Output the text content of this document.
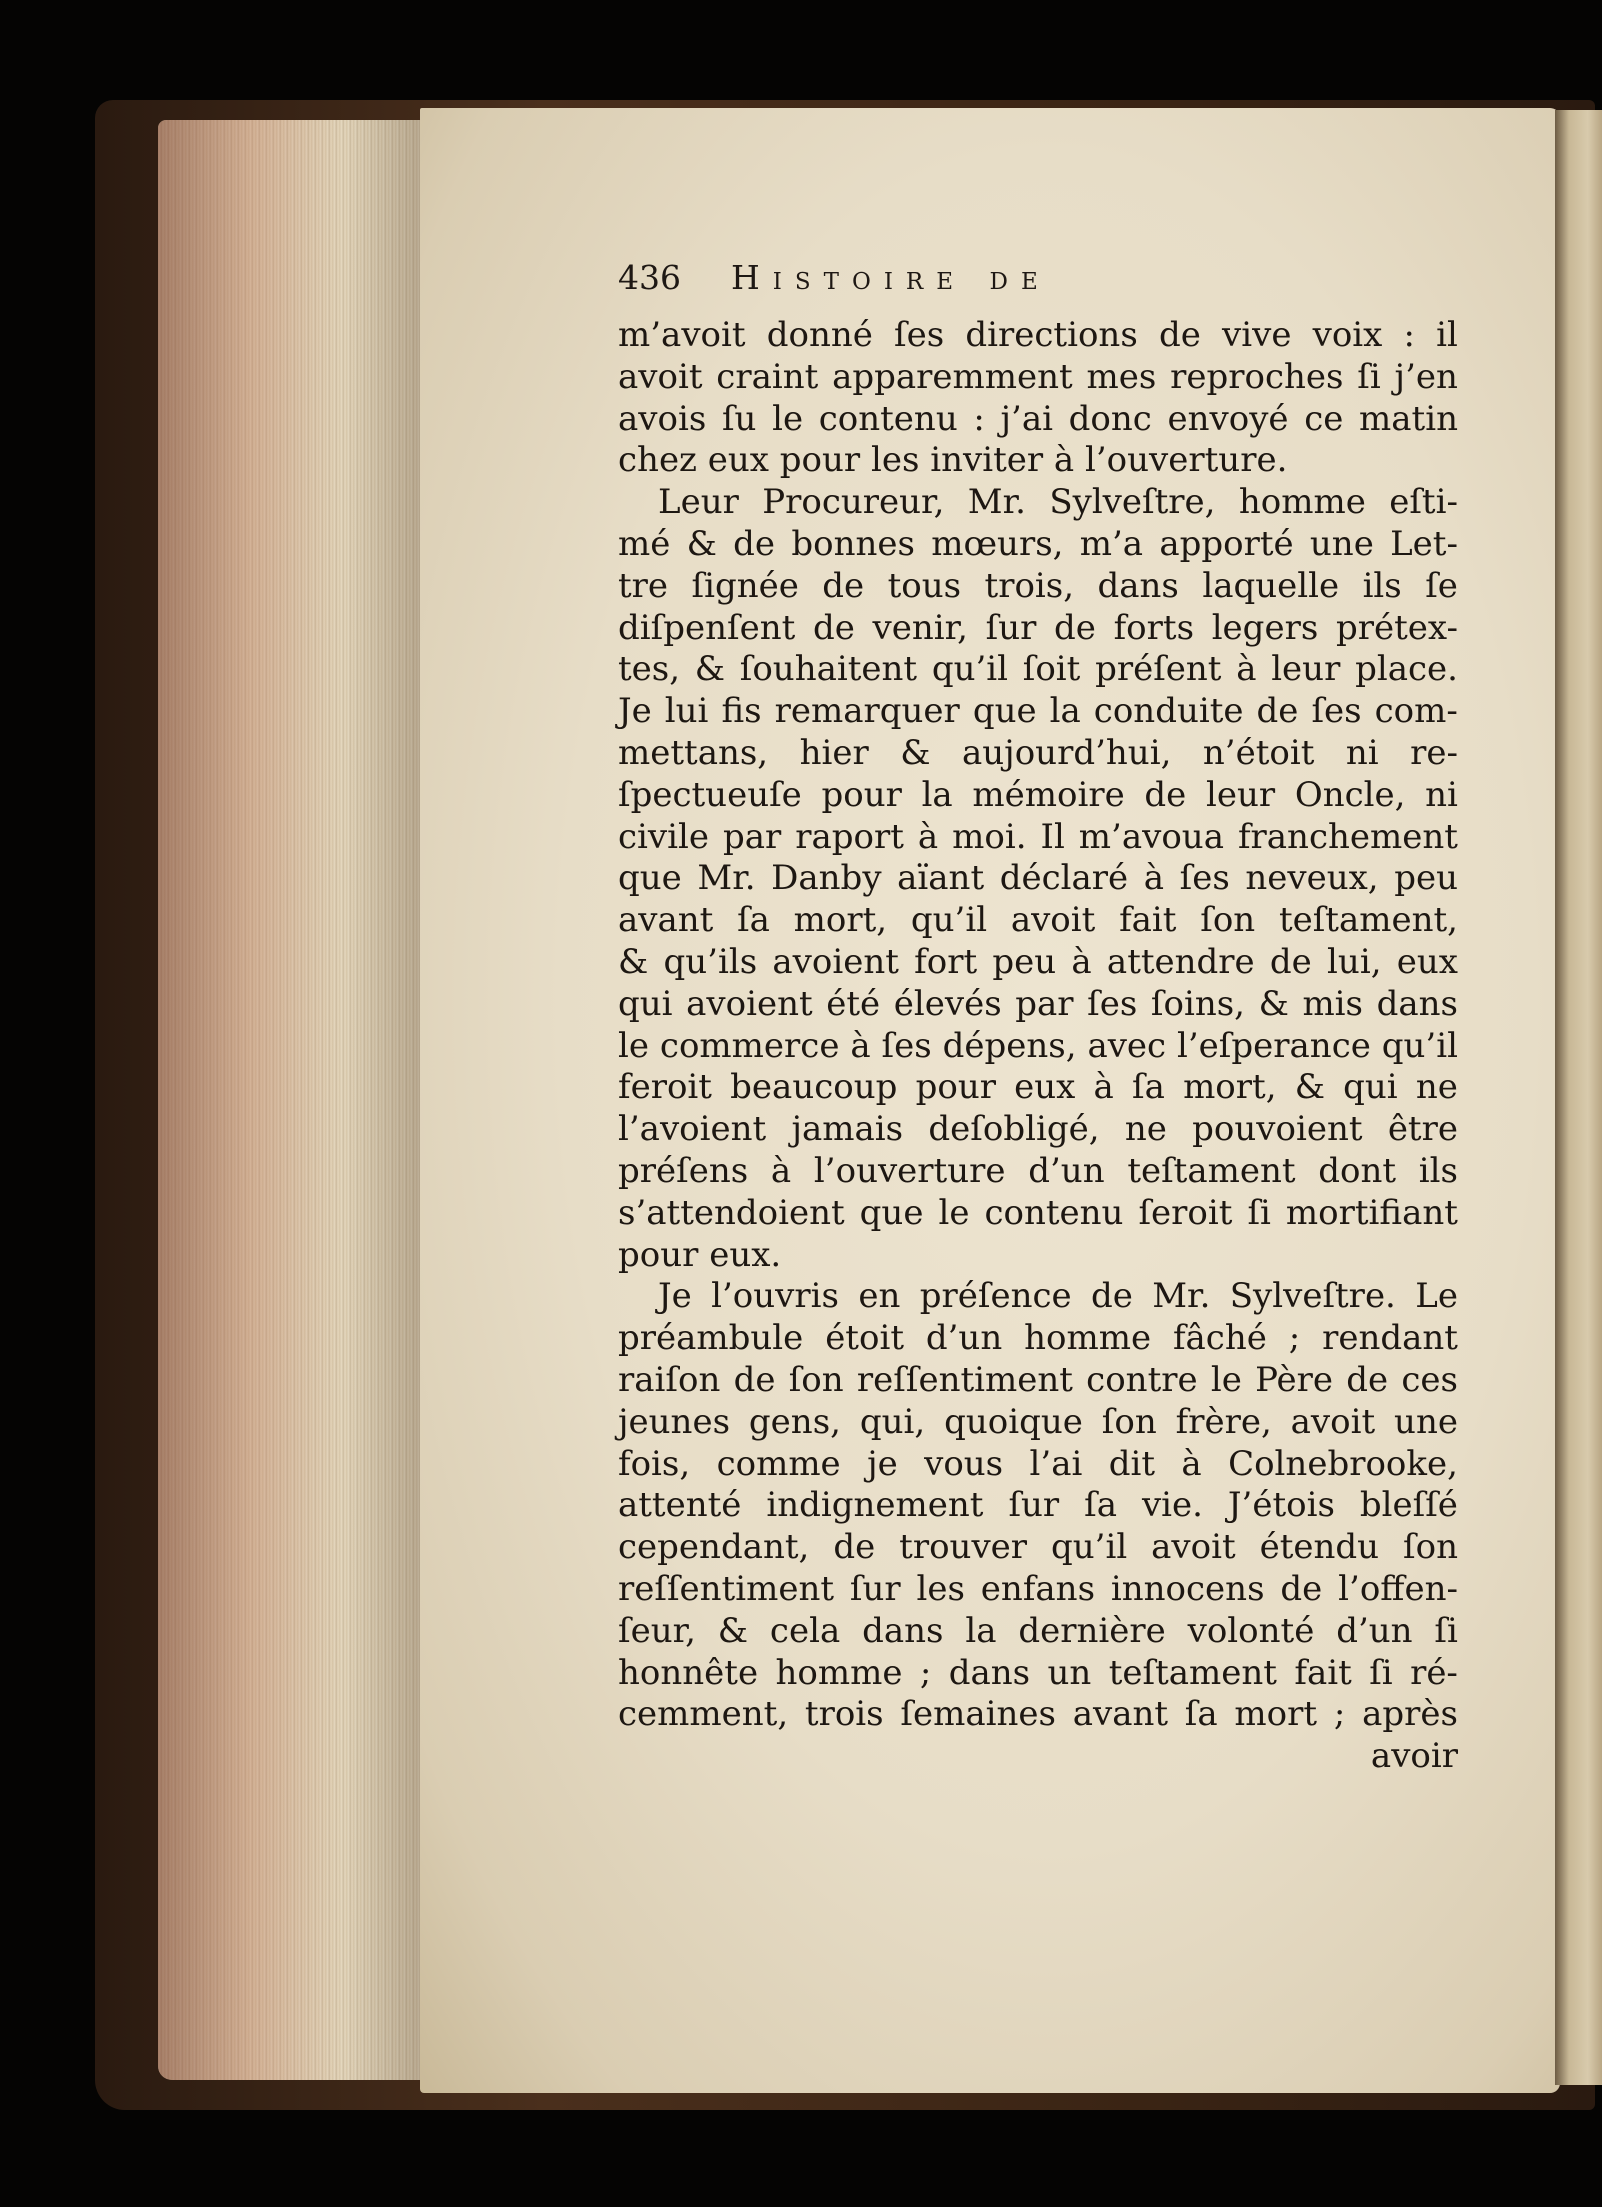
436 Histoire de
m’avoit donné ſes directions de vive voix : il
avoit craint apparemment mes reproches ſi j’en
avois ſu le contenu : j’ai donc envoyé ce matin
chez eux pour les inviter à l’ouverture.
Leur Procureur, Mr. Sylveſtre, homme eſti-
mé & de bonnes mœurs, m’a apporté une Let-
tre ſignée de tous trois, dans laquelle ils ſe
diſpenſent de venir, ſur de forts legers prétex-
tes, & ſouhaitent qu’il ſoit préſent à leur place.
Je lui fis remarquer que la conduite de ſes com-
mettans, hier & aujourd’hui, n’étoit ni re-
ſpectueuſe pour la mémoire de leur Oncle, ni
civile par raport à moi. Il m’avoua franchement
que Mr. Danby aïant déclaré à ſes neveux, peu
avant ſa mort, qu’il avoit fait ſon teſtament,
& qu’ils avoient fort peu à attendre de lui, eux
qui avoient été élevés par ſes ſoins, & mis dans
le commerce à ſes dépens, avec l’eſperance qu’il
feroit beaucoup pour eux à ſa mort, & qui ne
l’avoient jamais deſobligé, ne pouvoient être
préſens à l’ouverture d’un teſtament dont ils
s’attendoient que le contenu ſeroit ſi mortifiant
pour eux.
Je l’ouvris en préſence de Mr. Sylveſtre. Le
préambule étoit d’un homme fâché ; rendant
raiſon de ſon reſſentiment contre le Père de ces
jeunes gens, qui, quoique ſon frère, avoit une
fois, comme je vous l’ai dit à Colnebrooke,
attenté indignement ſur ſa vie. J’étois bleſſé
cependant, de trouver qu’il avoit étendu ſon
reſſentiment ſur les enfans innocens de l’offen-
ſeur, & cela dans la dernière volonté d’un ſi
honnête homme ; dans un teſtament fait ſi ré-
cemment, trois ſemaines avant ſa mort ; après
avoir
